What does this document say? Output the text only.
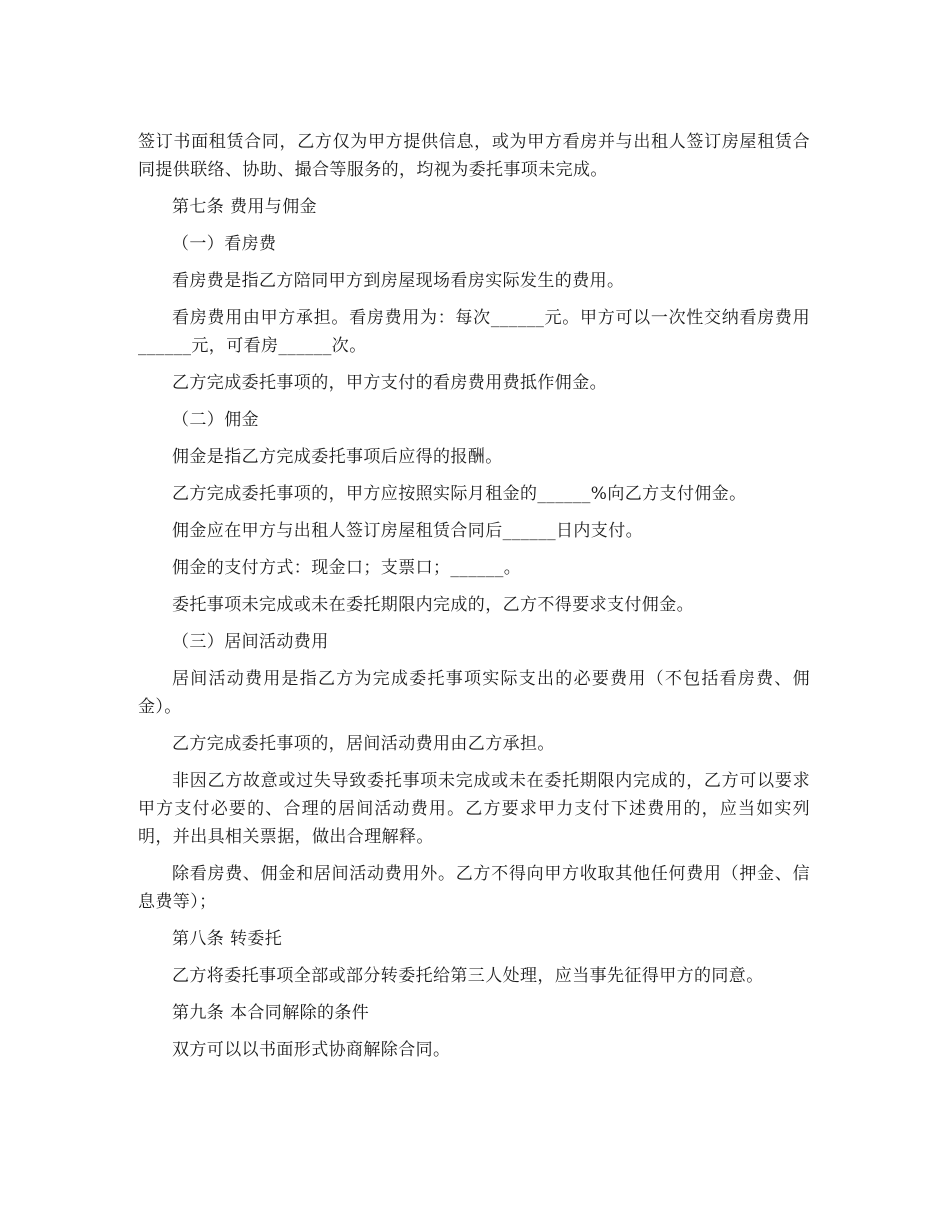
签订书面租赁合同，乙方仅为甲方提供信息，或为甲方看房并与出租人签订房屋租赁合同提供联络、协助、撮合等服务的，均视为委托事项未完成。

第七条 费用与佣金

（一）看房费

看房费是指乙方陪同甲方到房屋现场看房实际发生的费用。

看房费用由甲方承担。看房费用为：每次______元。甲方可以一次性交纳看房费用______元，可看房______次。

乙方完成委托事项的，甲方支付的看房费用费抵作佣金。

（二）佣金

佣金是指乙方完成委托事项后应得的报酬。

乙方完成委托事项的，甲方应按照实际月租金的______%向乙方支付佣金。

佣金应在甲方与出租人签订房屋租赁合同后______日内支付。

佣金的支付方式：现金口；支票口；______。

委托事项未完成或未在委托期限内完成的，乙方不得要求支付佣金。

（三）居间活动费用

居间活动费用是指乙方为完成委托事项实际支出的必要费用（不包括看房费、佣金）。

乙方完成委托事项的，居间活动费用由乙方承担。

非因乙方故意或过失导致委托事项未完成或未在委托期限内完成的，乙方可以要求甲方支付必要的、合理的居间活动费用。乙方要求甲力支付下述费用的，应当如实列明，并出具相关票据，做出合理解释。

除看房费、佣金和居间活动费用外。乙方不得向甲方收取其他任何费用（押金、信息费等）；

第八条 转委托

乙方将委托事项全部或部分转委托给第三人处理，应当事先征得甲方的同意。

第九条 本合同解除的条件

双方可以以书面形式协商解除合同。
